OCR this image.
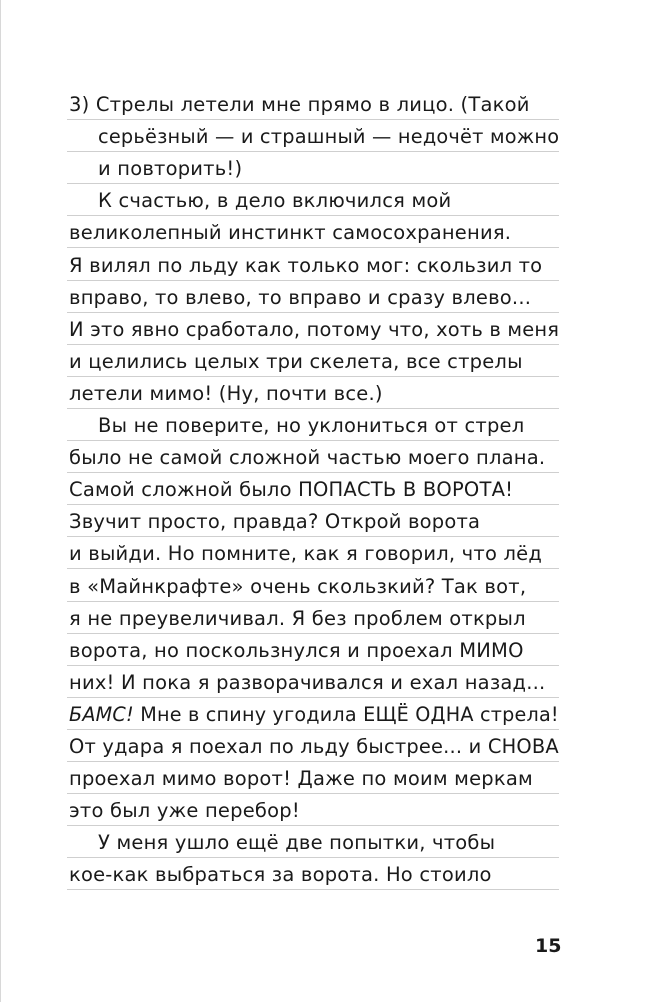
3) Стрелы летели мне прямо в лицо. (Такой
серьёзный — и страшный — недочёт можно
и повторить!)
К счастью, в дело включился мой
великолепный инстинкт самосохранения.
Я вилял по льду как только мог: скользил то
вправо, то влево, то вправо и сразу влево...
И это явно сработало, потому что, хоть в меня
и целились целых три скелета, все стрелы
летели мимо! (Ну, почти все.)
Вы не поверите, но уклониться от стрел
было не самой сложной частью моего плана.
Самой сложной было ПОПАСТЬ В ВОРОТА!
Звучит просто, правда? Открой ворота
и выйди. Но помните, как я говорил, что лёд
в «Майнкрафте» очень скользкий? Так вот,
я не преувеличивал. Я без проблем открыл
ворота, но поскользнулся и проехал МИМО
них! И пока я разворачивался и ехал назад...
БАМС! Мне в спину угодила ЕЩЁ ОДНА стрела!
От удара я поехал по льду быстрее... и СНОВА
проехал мимо ворот! Даже по моим меркам
это был уже перебор!
У меня ушло ещё две попытки, чтобы
кое-как выбраться за ворота. Но стоило
15
